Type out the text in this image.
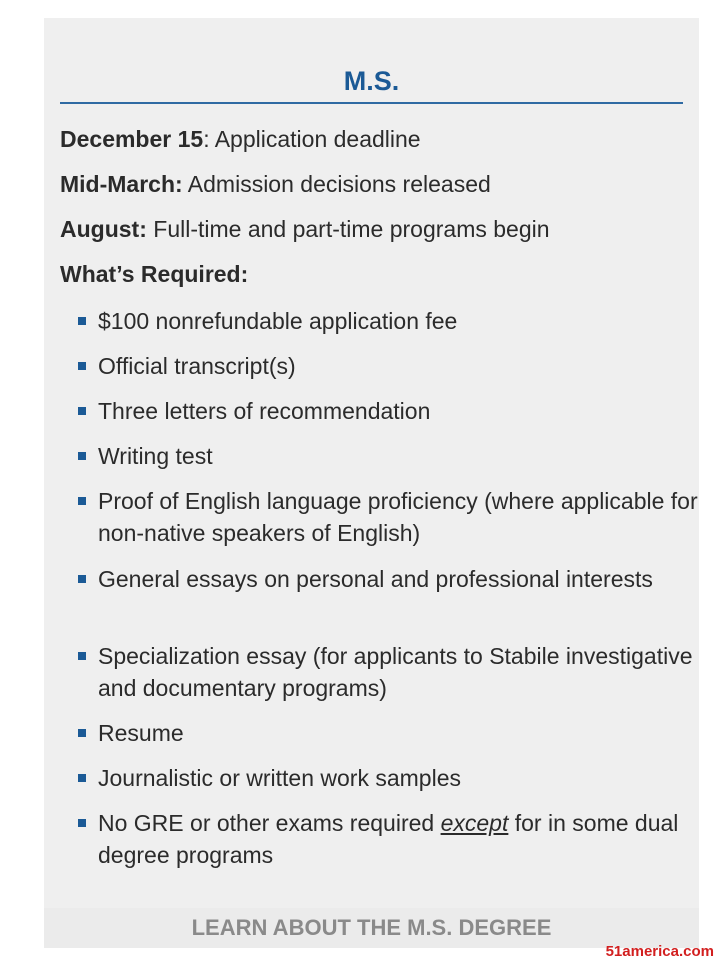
M.S.
December 15: Application deadline
Mid-March: Admission decisions released
August: Full-time and part-time programs begin
What’s Required:
$100 nonrefundable application fee
Official transcript(s)
Three letters of recommendation
Writing test
Proof of English language proficiency (where applicable for non-native speakers of English)
General essays on personal and professional interests
Specialization essay (for applicants to Stabile investigative and documentary programs)
Resume
Journalistic or written work samples
No GRE or other exams required except for in some dual degree programs
LEARN ABOUT THE M.S. DEGREE
51america.com
